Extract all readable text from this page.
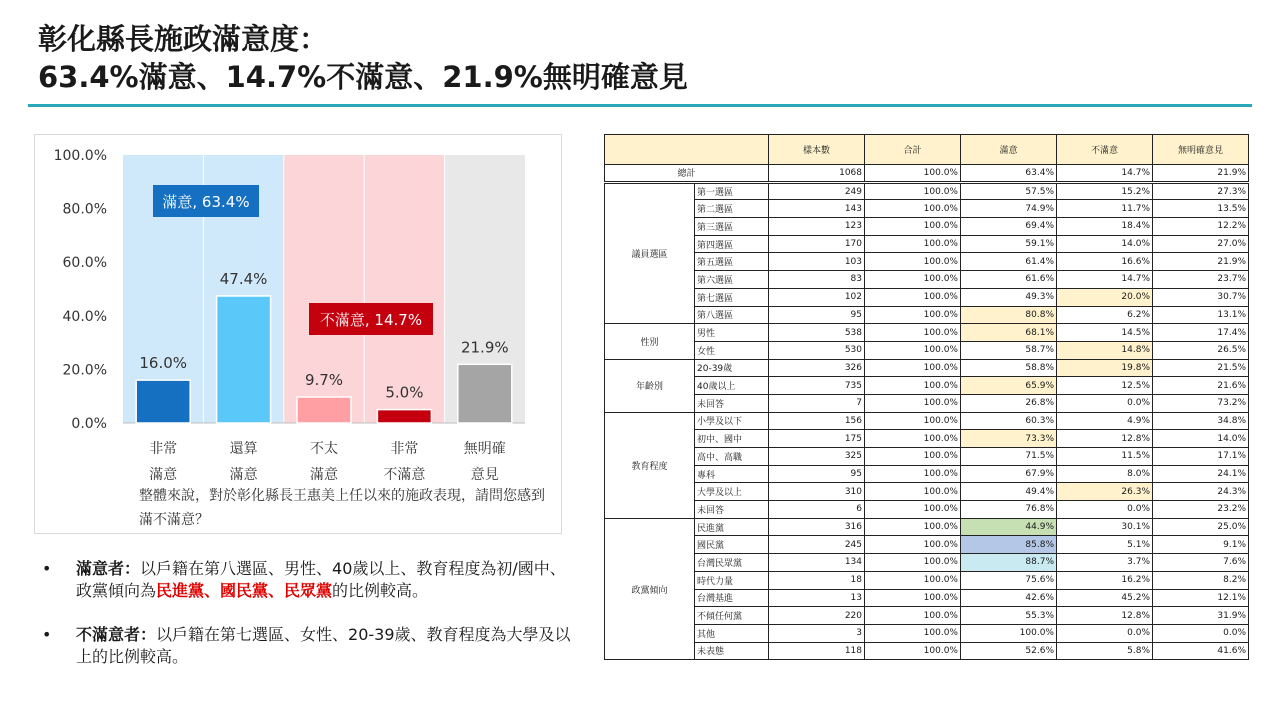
彰化縣長施政滿意度：
63.4%滿意、14.7%不滿意、21.9%無明確意見
0.0%
20.0%
40.0%
60.0%
80.0%
100.0%
16.0%
非常
滿意
47.4%
還算
滿意
9.7%
不太
滿意
5.0%
非常
不滿意
21.9%
無明確
意見
滿意, 63.4%
不滿意, 14.7%
整體來說，對於彰化縣長王惠美上任以來的施政表現，請問您感到滿不滿意？
• 滿意者：以戶籍在第八選區、男性、40歲以上、教育程度為初/國中、 政黨傾向為民進黨、國民黨、民眾黨的比例較高。
• 不滿意者：以戶籍在第七選區、女性、20-39歲、教育程度為大學及以上的比例較高。
		樣本數	合計	滿意	不滿意	無明確意見
總計		1068	100.0%	63.4%	14.7%	21.9%
議員選區	第一選區	249	100.0%	57.5%	15.2%	27.3%
	第二選區	143	100.0%	74.9%	11.7%	13.5%
	第三選區	123	100.0%	69.4%	18.4%	12.2%
	第四選區	170	100.0%	59.1%	14.0%	27.0%
	第五選區	103	100.0%	61.4%	16.6%	21.9%
	第六選區	83	100.0%	61.6%	14.7%	23.7%
	第七選區	102	100.0%	49.3%	20.0%	30.7%
	第八選區	95	100.0%	80.8%	6.2%	13.1%
性別	男性	538	100.0%	68.1%	14.5%	17.4%
	女性	530	100.0%	58.7%	14.8%	26.5%
年齡別	20-39歲	326	100.0%	58.8%	19.8%	21.5%
	40歲以上	735	100.0%	65.9%	12.5%	21.6%
	未回答	7	100.0%	26.8%	0.0%	73.2%
教育程度	小學及以下	156	100.0%	60.3%	4.9%	34.8%
	初中、國中	175	100.0%	73.3%	12.8%	14.0%
	高中、高職	325	100.0%	71.5%	11.5%	17.1%
	專科	95	100.0%	67.9%	8.0%	24.1%
	大學及以上	310	100.0%	49.4%	26.3%	24.3%
	未回答	6	100.0%	76.8%	0.0%	23.2%
政黨傾向	民進黨	316	100.0%	44.9%	30.1%	25.0%
	國民黨	245	100.0%	85.8%	5.1%	9.1%
	台灣民眾黨	134	100.0%	88.7%	3.7%	7.6%
	時代力量	18	100.0%	75.6%	16.2%	8.2%
	台灣基進	13	100.0%	42.6%	45.2%	12.1%
	不傾任何黨	220	100.0%	55.3%	12.8%	31.9%
	其他	3	100.0%	100.0%	0.0%	0.0%
	未表態	118	100.0%	52.6%	5.8%	41.6%
